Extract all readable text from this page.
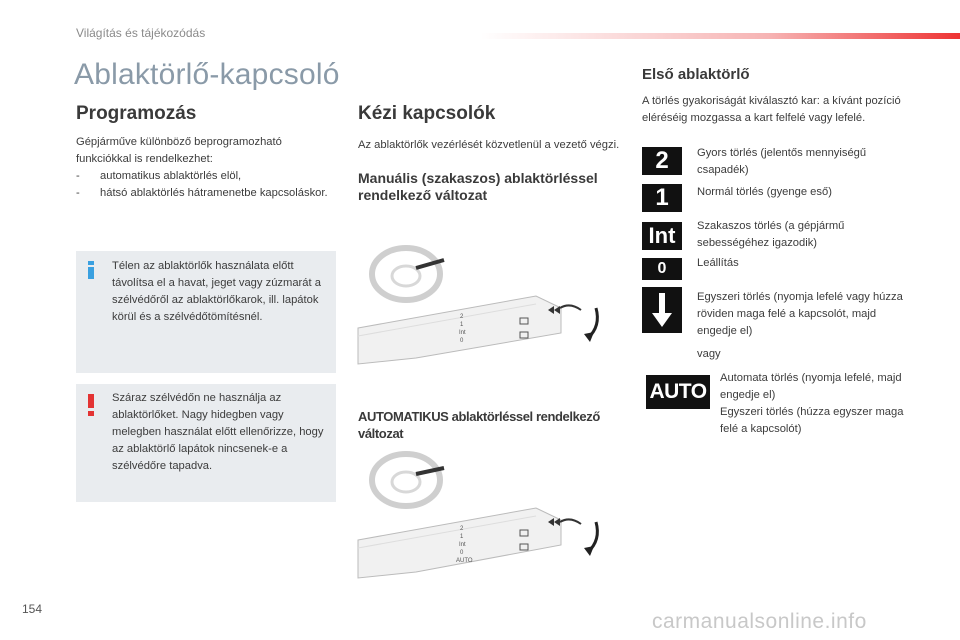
Világítás és tájékozódás
Ablaktörlő-kapcsoló
Programozás

Gépjárműve különböző beprogramozható funkciókkal is rendelkezhet:

- automatikus ablaktörlés elöl,
- hátsó ablaktörlés hátramenetbe kapcsoláskor.

Télen az ablaktörlők használata előtt távolítsa el a havat, jeget vagy zúzmarát a szélvédőről az ablaktörlőkarok, ill. lapátok körül és a szélvédőtömítésnél.

Száraz szélvédőn ne használja az ablaktörlőket. Nagy hidegben vagy melegben használat előtt ellenőrizze, hogy az ablaktörlő lapátok nincsenek-e a szélvédőre tapadva.

Kézi kapcsolók

Az ablaktörlők vezérlését közvetlenül a vezető végzi.

Manuális (szakaszos) ablaktörléssel rendelkező változat
2
1
Int
0
AUTOMATIKUS ablaktörléssel rendelkező változat
2
1
Int
0
AUTO
Első ablaktörlő

A törlés gyakoriságát kiválasztó kar: a kívánt pozíció eléréséig mozgassa a kart felfelé vagy lefelé.

2	Gyors törlés (jelentős mennyiségű csapadék)
1	Normál törlés (gyenge eső)
Int Szakaszos törlés (a gépjármű sebességéhez igazodik)
0	Leállítás
Egyszeri törlés (nyomja lefelé vagy húzza röviden maga felé a kapcsolót, majd engedje el)
vagy
AUTO
Automata törlés (nyomja lefelé, majd engedje el)
Egyszeri törlés (húzza egyszer maga felé a kapcsolót)
154
carmanualsonline.info
